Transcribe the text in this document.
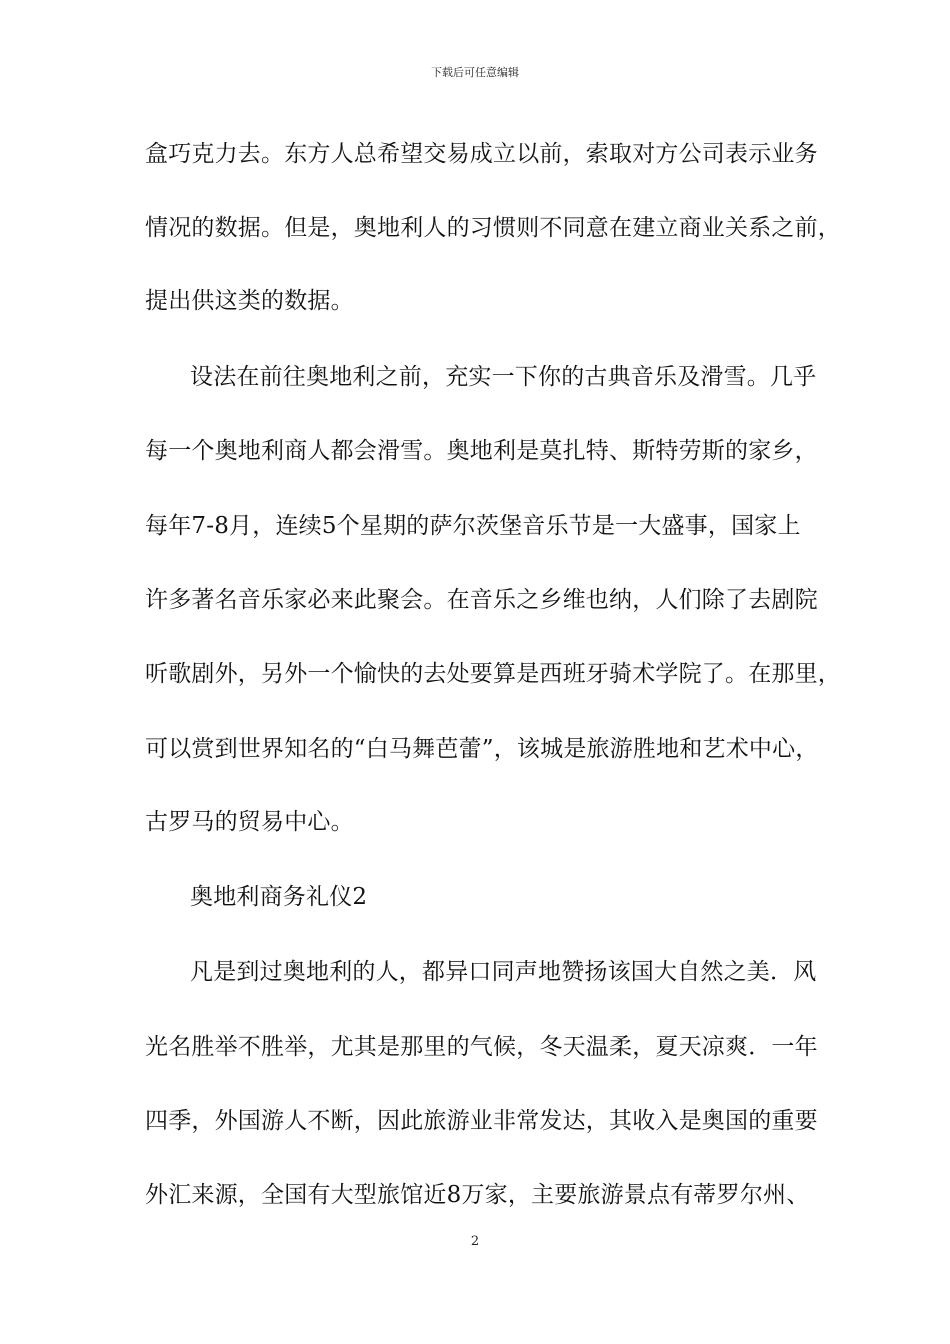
下载后可任意编辑
盒巧克力去。东方人总希望交易成立以前，索取对方公司表示业务
情况的数据。但是，奥地利人的习惯则不同意在建立商业关系之前，
提出供这类的数据。
设法在前往奥地利之前，充实一下你的古典音乐及滑雪。几乎
每一个奥地利商人都会滑雪。奥地利是莫扎特、斯特劳斯的家乡，
每年7-8月，连续5个星期的萨尔茨堡音乐节是一大盛事，国家上
许多著名音乐家必来此聚会。在音乐之乡维也纳，人们除了去剧院
听歌剧外，另外一个愉快的去处要算是西班牙骑术学院了。在那里，
可以赏到世界知名的“白马舞芭蕾”，该城是旅游胜地和艺术中心，
古罗马的贸易中心。
奥地利商务礼仪2
凡是到过奥地利的人，都异口同声地赞扬该国大自然之美．风
光名胜举不胜举，尤其是那里的气候，冬天温柔，夏天凉爽．一年
四季，外国游人不断，因此旅游业非常发达，其收入是奥国的重要
外汇来源，全国有大型旅馆近8万家，主要旅游景点有蒂罗尔州、
2
